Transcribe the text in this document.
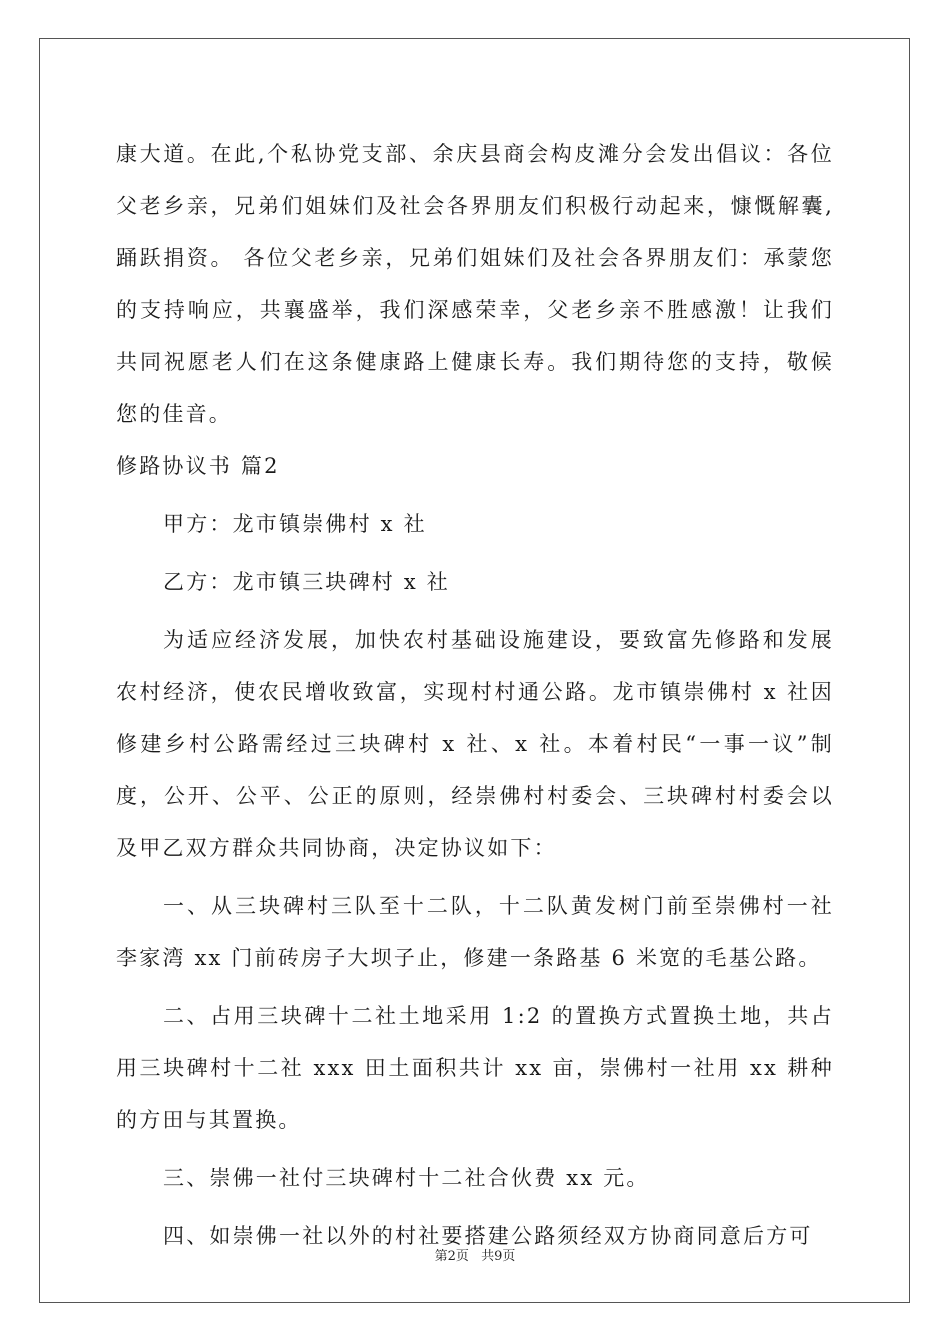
康大道。在此,个私协党支部、余庆县商会构皮滩分会发出倡议：各位父老乡亲，兄弟们姐妹们及社会各界朋友们积极行动起来，慷慨解囊,踊跃捐资。 各位父老乡亲，兄弟们姐妹们及社会各界朋友们：承蒙您的支持响应，共襄盛举，我们深感荣幸，父老乡亲不胜感激！让我们共同祝愿老人们在这条健康路上健康长寿。我们期待您的支持，敬候您的佳音。

修路协议书 篇2

甲方：龙市镇崇佛村 x 社

乙方：龙市镇三块碑村 x 社

为适应经济发展，加快农村基础设施建设，要致富先修路和发展农村经济，使农民增收致富，实现村村通公路。龙市镇崇佛村 x 社因修建乡村公路需经过三块碑村 x 社、x 社。本着村民“一事一议”制度，公开、公平、公正的原则，经崇佛村村委会、三块碑村村委会以及甲乙双方群众共同协商，决定协议如下：

一、从三块碑村三队至十二队，十二队黄发树门前至崇佛村一社李家湾 xx 门前砖房子大坝子止，修建一条路基 6 米宽的毛基公路。

二、占用三块碑十二社土地采用 1:2 的置换方式置换土地，共占用三块碑村十二社 xxx 田土面积共计 xx 亩，崇佛村一社用 xx 耕种的方田与其置换。

三、崇佛一社付三块碑村十二社合伙费 xx 元。

四、如崇佛一社以外的村社要搭建公路须经双方协商同意后方可

第2页 共9页
